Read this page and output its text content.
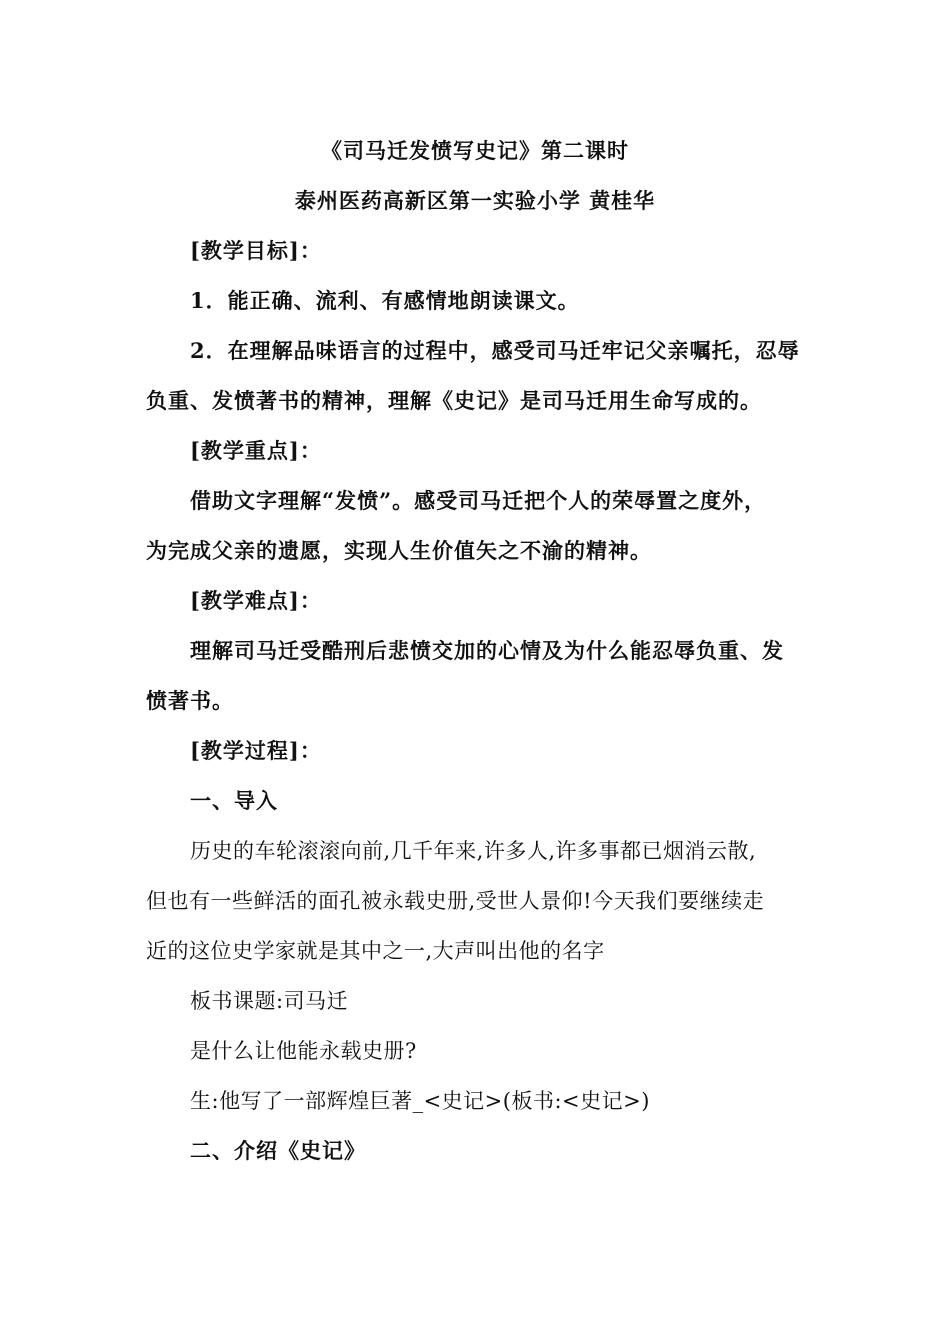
《司马迁发愤写史记》第二课时
泰州医药高新区第一实验小学 黄桂华
[教学目标]：
1．能正确、流利、有感情地朗读课文。
2．在理解品味语言的过程中，感受司马迁牢记父亲嘱托，忍辱
负重、发愤著书的精神，理解《史记》是司马迁用生命写成的。
[教学重点]：
借助文字理解“发愤”。感受司马迁把个人的荣辱置之度外，
为完成父亲的遗愿，实现人生价值矢之不渝的精神。
[教学难点]：
理解司马迁受酷刑后悲愤交加的心情及为什么能忍辱负重、发
愤著书。
[教学过程]：
一、导入
历史的车轮滚滚向前,几千年来,许多人,许多事都已烟消云散,
但也有一些鲜活的面孔被永载史册,受世人景仰!今天我们要继续走
近的这位史学家就是其中之一,大声叫出他的名字
板书课题:司马迁
是什么让他能永载史册?
生:他写了一部辉煌巨著_<史记>(板书:<史记>)
二、介绍《史记》
